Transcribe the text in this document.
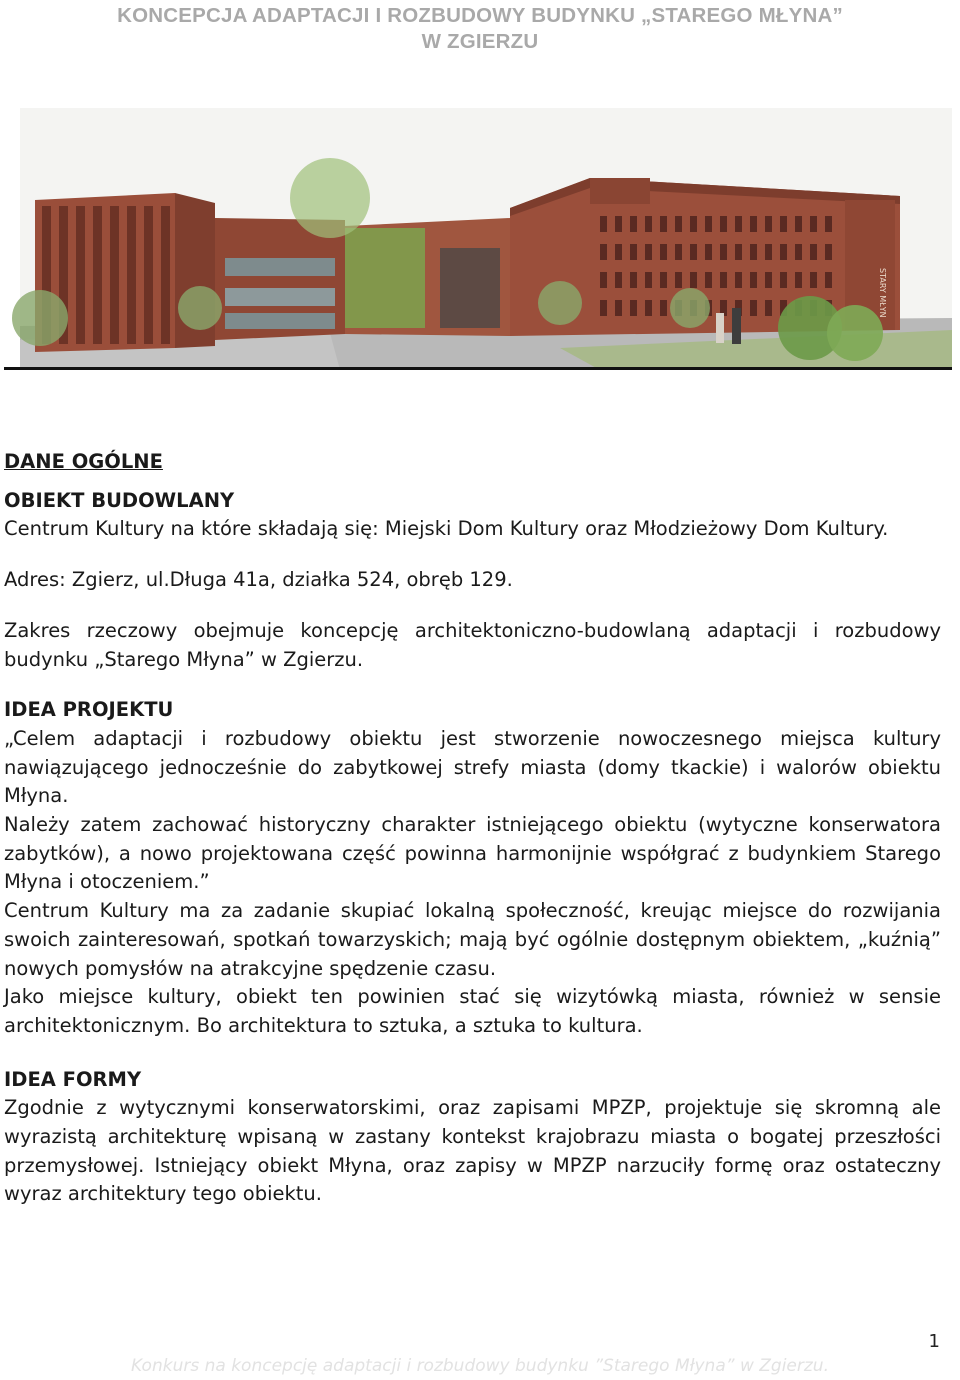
KONCEPCJA ADAPTACJI I ROZBUDOWY BUDYNKU „STAREGO MŁYNA”
W ZGIERZU
STARY MŁYN
DANE OGÓLNE
OBIEKT BUDOWLANY

Centrum Kultury na które składają się: Miejski Dom Kultury oraz Młodzieżowy Dom Kultury.

Adres: Zgierz, ul.Długa 41a, działka 524, obręb 129.

Zakres rzeczowy obejmuje koncepcję architektoniczno-budowlaną adaptacji i rozbudowy budynku „Starego Młyna” w Zgierzu.

IDEA PROJEKTU

„Celem adaptacji i rozbudowy obiektu jest stworzenie nowoczesnego miejsca kultury nawiązującego jednocześnie do zabytkowej strefy miasta (domy tkackie) i walorów obiektu Młyna.

Należy zatem zachować historyczny charakter istniejącego obiektu (wytyczne konserwatora zabytków), a nowo projektowana część powinna harmonijnie współgrać z budynkiem Starego Młyna i otoczeniem.”

Centrum Kultury ma za zadanie skupiać lokalną społeczność, kreując miejsce do rozwijania swoich zainteresowań, spotkań towarzyskich; mają być ogólnie dostępnym obiektem, „kuźnią” nowych pomysłów na atrakcyjne spędzenie czasu.

Jako miejsce kultury, obiekt ten powinien stać się wizytówką miasta, również w sensie architektonicznym. Bo architektura to sztuka, a sztuka to kultura.

IDEA FORMY

Zgodnie z wytycznymi konserwatorskimi, oraz zapisami MPZP, projektuje się skromną ale wyrazistą architekturę wpisaną w zastany kontekst krajobrazu miasta o bogatej przeszłości przemysłowej. Istniejący obiekt Młyna, oraz zapisy w MPZP narzuciły formę oraz ostateczny wyraz architektury tego obiektu.

1
Konkurs na koncepcję adaptacji i rozbudowy budynku ”Starego Młyna” w Zgierzu.
